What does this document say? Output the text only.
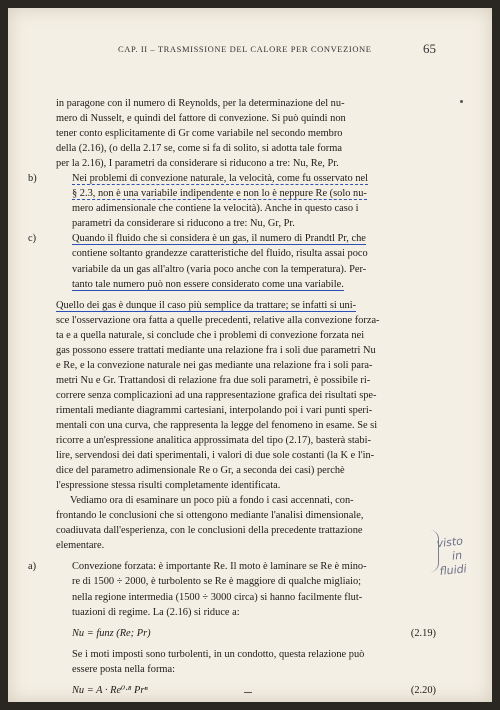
CAP. II – TRASMISSIONE DEL CALORE PER CONVEZIONE	65

in paragone con il numero di Reynolds, per la determinazione del nu-
mero di Nusselt, e quindi del fattore di convezione. Si può quindi non
tener conto esplicitamente di Gr come variabile nel secondo membro
della (2.16), (o della 2.17 se, come si fa di solito, si adotta tale forma
per la 2.16), I parametri da considerare si riducono a tre: Nu, Re, Pr.

b)	Nei problemi di convezione naturale, la velocità, come fu osservato nel
§ 2.3, non è una variabile indipendente e non lo è neppure Re (solo nu-
mero adimensionale che contiene la velocità). Anche in questo caso i
parametri da considerare si riducono a tre: Nu, Gr, Pr.
c)	Quando il fluido che si considera è un gas, il numero di Prandtl Pr, che
contiene soltanto grandezze caratteristiche del fluido, risulta assai poco
variabile da un gas all'altro (varia poco anche con la temperatura). Per-
tanto tale numero può non essere considerato come una variabile.

Quello dei gas è dunque il caso più semplice da trattare; se infatti si uni-
sce l'osservazione ora fatta a quelle precedenti, relative alla convezione forza-
ta e a quella naturale, si conclude che i problemi di convezione forzata nei
gas possono essere trattati mediante una relazione fra i soli due parametri Nu
e Re, e la convezione naturale nei gas mediante una relazione fra i soli para-
metri Nu e Gr. Trattandosi di relazione fra due soli parametri, è possibile ri-
correre senza complicazioni ad una rappresentazione grafica dei risultati spe-
rimentali mediante diagrammi cartesiani, interpolando poi i vari punti speri-
mentali con una curva, che rappresenta la legge del fenomeno in esame. Se si
ricorre a un'espressione analitica approssimata del tipo (2.17), basterà stabi-
lire, servendosi dei dati sperimentali, i valori di due sole costanti (la K e l'in-
dice del parametro adimensionale Re o Gr, a seconda dei casi) perchè
l'espressione stessa risulti completamente identificata.

Vediamo ora di esaminare un poco più a fondo i casi accennati, con-
frontando le conclusioni che si ottengono mediante l'analisi dimensionale,
coadiuvata dall'esperienza, con le conclusioni della precedente trattazione
elementare.

a)	Convezione forzata: è importante Re. Il moto è laminare se Re è mino-
re di 1500 ÷ 2000, è turbolento se Re è maggiore di qualche migliaio;
nella regione intermedia (1500 ÷ 3000 circa) si hanno facilmente flut-
tuazioni di regime. La (2.16) si riduce a:
Nu = funz (Re; Pr)	(2.19)
Se i moti imposti sono turbolenti, in un condotto, questa relazione può
essere posta nella forma:
Nu = A · Re⁰·⁸ Prⁿ	(2.20)
visto
in
fluidi
